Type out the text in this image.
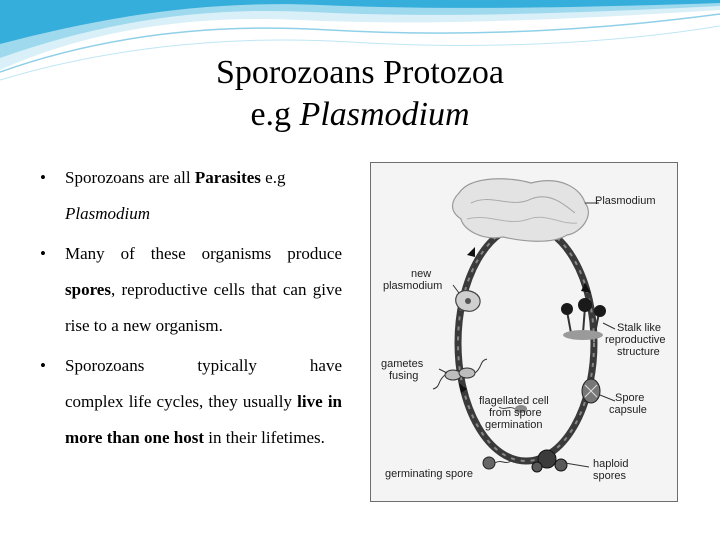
Sporozoans Protozoa
e.g Plasmodium
• Sporozoans are all Parasites e.g
Plasmodium

• Many of these organisms produce spores, reproductive cells that can give rise to a new organism.

• Sporozoans	typically	have

complex life cycles, they usually live in more than one host in their lifetimes.

Plasmodium
new
plasmodium
Stalk like
reproductive
structure
gametes
fusing
flagellated cell
from spore
germination
Spore
capsule
germinating spore
haploid
spores
